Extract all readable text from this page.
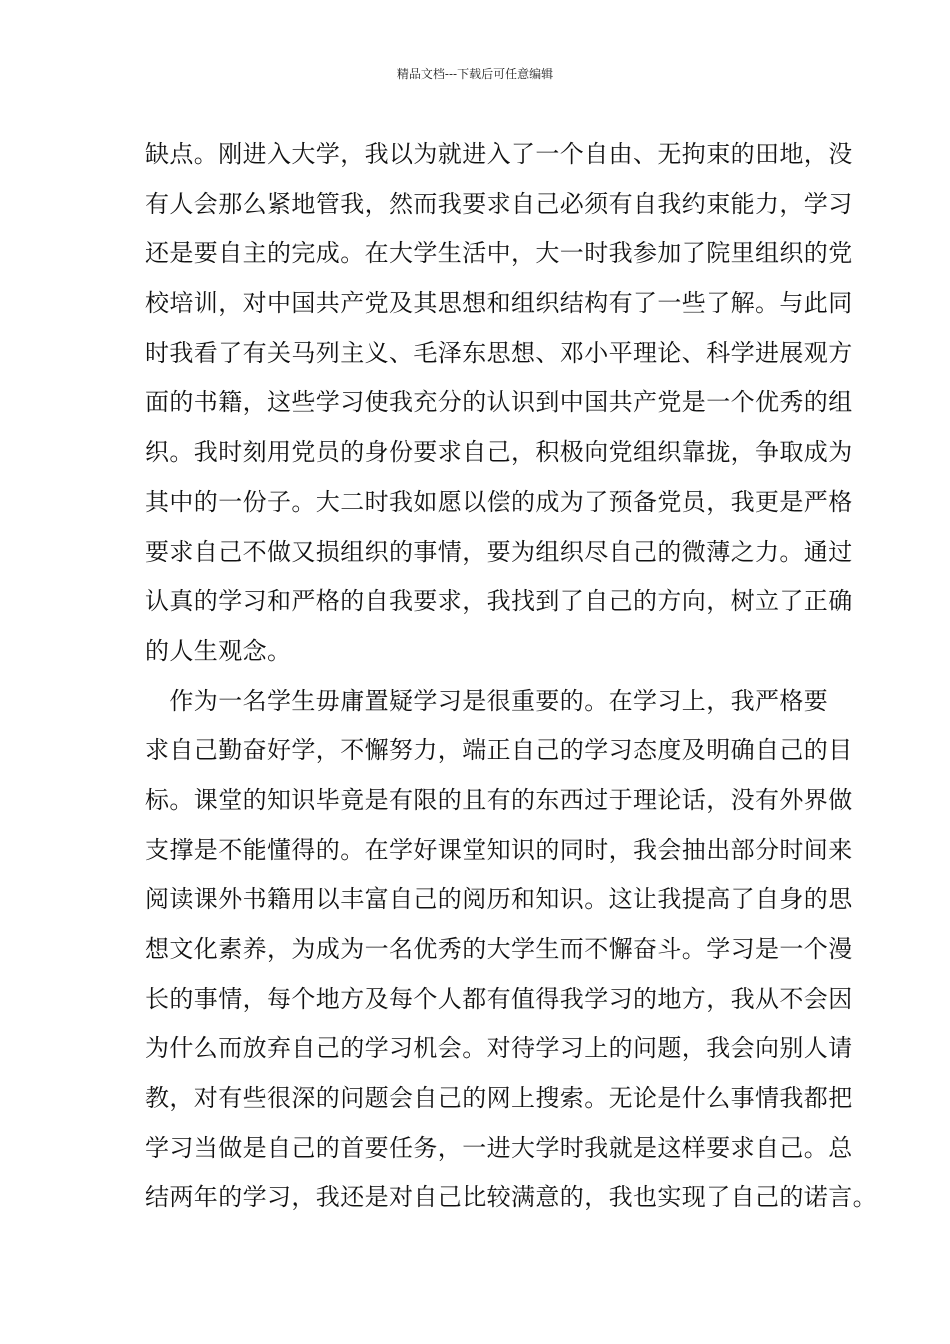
精品文档---下载后可任意编辑
缺点。刚进入大学，我以为就进入了一个自由、无拘束的田地，没
有人会那么紧地管我，然而我要求自己必须有自我约束能力，学习
还是要自主的完成。在大学生活中，大一时我参加了院里组织的党
校培训，对中国共产党及其思想和组织结构有了一些了解。与此同
时我看了有关马列主义、毛泽东思想、邓小平理论、科学进展观方
面的书籍，这些学习使我充分的认识到中国共产党是一个优秀的组
织。我时刻用党员的身份要求自己，积极向党组织靠拢，争取成为
其中的一份子。大二时我如愿以偿的成为了预备党员，我更是严格
要求自己不做又损组织的事情，要为组织尽自己的微薄之力。通过
认真的学习和严格的自我要求，我找到了自己的方向，树立了正确
的人生观念。
　作为一名学生毋庸置疑学习是很重要的。在学习上，我严格要
求自己勤奋好学，不懈努力，端正自己的学习态度及明确自己的目
标。课堂的知识毕竟是有限的且有的东西过于理论话，没有外界做
支撑是不能懂得的。在学好课堂知识的同时，我会抽出部分时间来
阅读课外书籍用以丰富自己的阅历和知识。这让我提高了自身的思
想文化素养，为成为一名优秀的大学生而不懈奋斗。学习是一个漫
长的事情，每个地方及每个人都有值得我学习的地方，我从不会因
为什么而放弃自己的学习机会。对待学习上的问题，我会向别人请
教，对有些很深的问题会自己的网上搜索。无论是什么事情我都把
学习当做是自己的首要任务，一进大学时我就是这样要求自己。总
结两年的学习，我还是对自己比较满意的，我也实现了自己的诺言。
